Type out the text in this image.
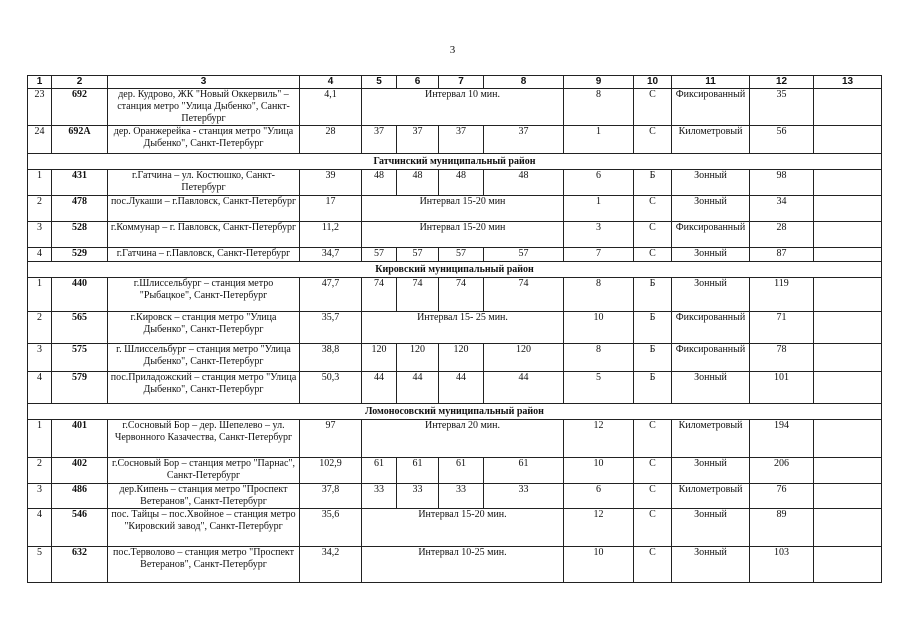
3
1	2	3	4	5	6	7	8	9	10	11	12	13
23	692	дер. Кудрово, ЖК "Новый Оккервиль" – станция метро "Улица Дыбенко", Санкт-Петербург	4,1	Интервал 10 мин.				8	С	Фиксированный	35	
24	692А	дер. Оранжерейка - станция метро "Улица Дыбенко", Санкт-Петербург	28	37	37	37	37	1	С	Километровый	56	
Гатчинский муниципальный район												
1	431	г.Гатчина – ул. Костюшко, Санкт-Петербург	39	48	48	48	48	6	Б	Зонный	98	
2	478	пос.Лукаши – г.Павловск, Санкт-Петербург	17	Интервал 15-20 мин				1	С	Зонный	34	
3	528	г.Коммунар – г. Павловск, Санкт-Петербург	11,2	Интервал 15-20 мин				3	С	Фиксированный	28	
4	529	г.Гатчина – г.Павловск, Санкт-Петербург	34,7	57	57	57	57	7	С	Зонный	87	
Кировский муниципальный район												
1	440	г.Шлиссельбург – станция метро "Рыбацкое", Санкт-Петербург	47,7	74	74	74	74	8	Б	Зонный	119	
2	565	г.Кировск – станция метро "Улица Дыбенко", Санкт-Петербург	35,7	Интервал 15- 25 мин.				10	Б	Фиксированный	71	
3	575	г. Шлиссельбург – станция метро "Улица Дыбенко", Санкт-Петербург	38,8	120	120	120	120	8	Б	Фиксированный	78	
4	579	пос.Приладожский – станция метро "Улица Дыбенко", Санкт-Петербург	50,3	44	44	44	44	5	Б	Зонный	101	
Ломоносовский муниципальный район												
1	401	г.Сосновый Бор – дер. Шепелево – ул. Червонного Казачества, Санкт-Петербург	97	Интервал 20 мин.				12	С	Километровый	194	
2	402	г.Сосновый Бор – станция метро "Парнас", Санкт-Петербург	102,9	61	61	61	61	10	С	Зонный	206	
3	486	дер.Кипень – станция метро "Проспект Ветеранов", Санкт-Петербург	37,8	33	33	33	33	6	С	Километровый	76	
4	546	пос. Тайцы – пос.Хвойное – станция метро "Кировский завод", Санкт-Петербург	35,6	Интервал 15-20 мин.				12	С	Зонный	89	
5	632	пос.Терволово – станция метро "Проспект Ветеранов", Санкт-Петербург	34,2	Интервал 10-25 мин.				10	С	Зонный	103	
